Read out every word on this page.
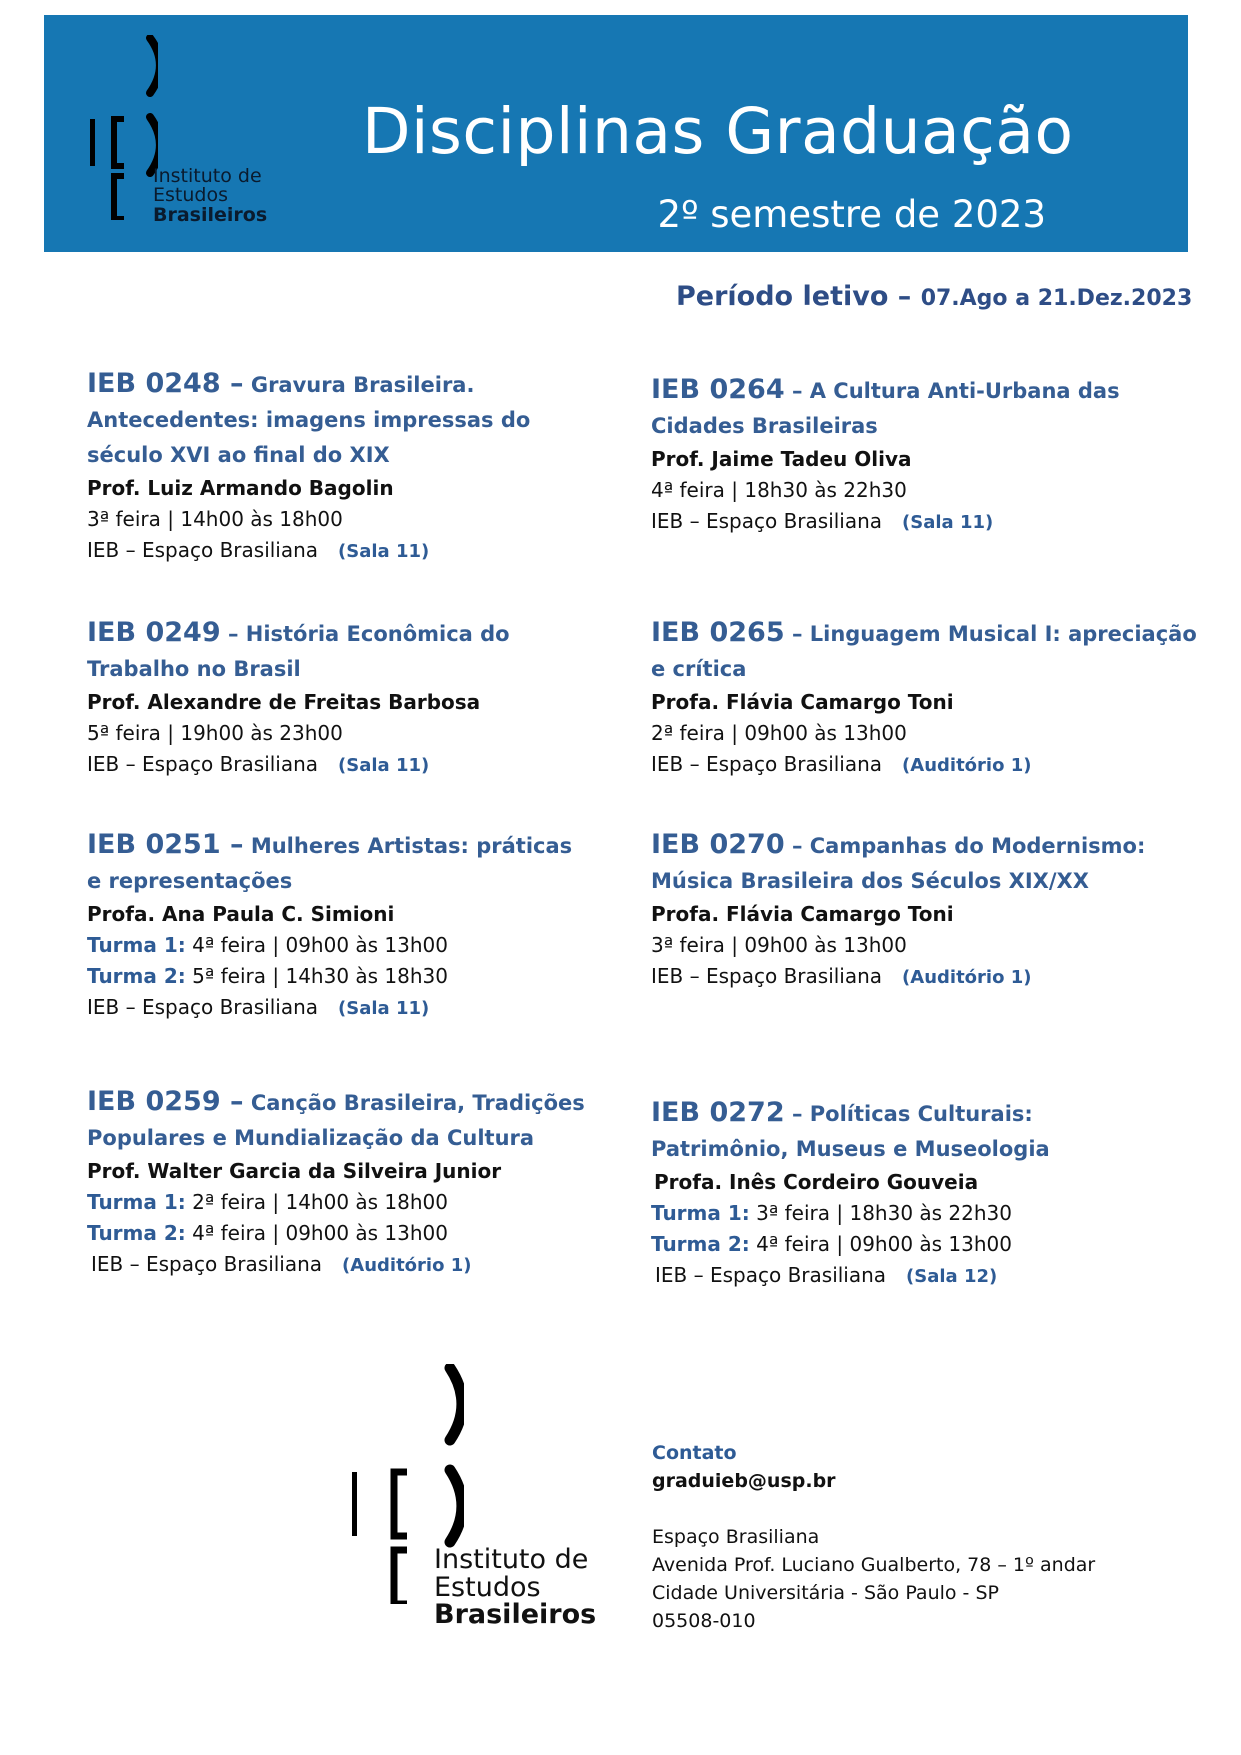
Instituto de
Estudos
Brasileiros
Disciplinas Graduação
2º semestre de 2023
Período letivo – 07.Ago a 21.Dez.2023
IEB 0248 – Gravura Brasileira. Antecedentes: imagens impressas do século XVI ao final do XIX
Prof. Luiz Armando Bagolin
3ª feira | 14h00 às 18h00
IEB – Espaço Brasiliana (Sala 11)
IEB 0264 – A Cultura Anti-Urbana das Cidades Brasileiras
Prof. Jaime Tadeu Oliva
4ª feira | 18h30 às 22h30
IEB – Espaço Brasiliana (Sala 11)
IEB 0249 – História Econômica do Trabalho no Brasil
Prof. Alexandre de Freitas Barbosa
5ª feira | 19h00 às 23h00
IEB – Espaço Brasiliana (Sala 11)
IEB 0265 – Linguagem Musical I: apreciação e crítica
Profa. Flávia Camargo Toni
2ª feira | 09h00 às 13h00
IEB – Espaço Brasiliana (Auditório 1)
IEB 0251 – Mulheres Artistas: práticas e representações
Profa. Ana Paula C. Simioni
Turma 1: 4ª feira | 09h00 às 13h00
Turma 2: 5ª feira | 14h30 às 18h30
IEB – Espaço Brasiliana (Sala 11)
IEB 0270 – Campanhas do Modernismo: Música Brasileira dos Séculos XIX/XX
Profa. Flávia Camargo Toni
3ª feira | 09h00 às 13h00
IEB – Espaço Brasiliana (Auditório 1)
IEB 0259 – Canção Brasileira, Tradições Populares e Mundialização da Cultura
Prof. Walter Garcia da Silveira Junior
Turma 1: 2ª feira | 14h00 às 18h00
Turma 2: 4ª feira | 09h00 às 13h00
IEB – Espaço Brasiliana (Auditório 1)
IEB 0272 – Políticas Culturais: Patrimônio, Museus e Museologia
Profa. Inês Cordeiro Gouveia
Turma 1: 3ª feira | 18h30 às 22h30
Turma 2: 4ª feira | 09h00 às 13h00
IEB – Espaço Brasiliana (Sala 12)
Instituto de
Estudos
Brasileiros
Contato
graduieb@usp.br
Espaço Brasiliana
Avenida Prof. Luciano Gualberto, 78 – 1º andar
Cidade Universitária - São Paulo - SP
05508-010
